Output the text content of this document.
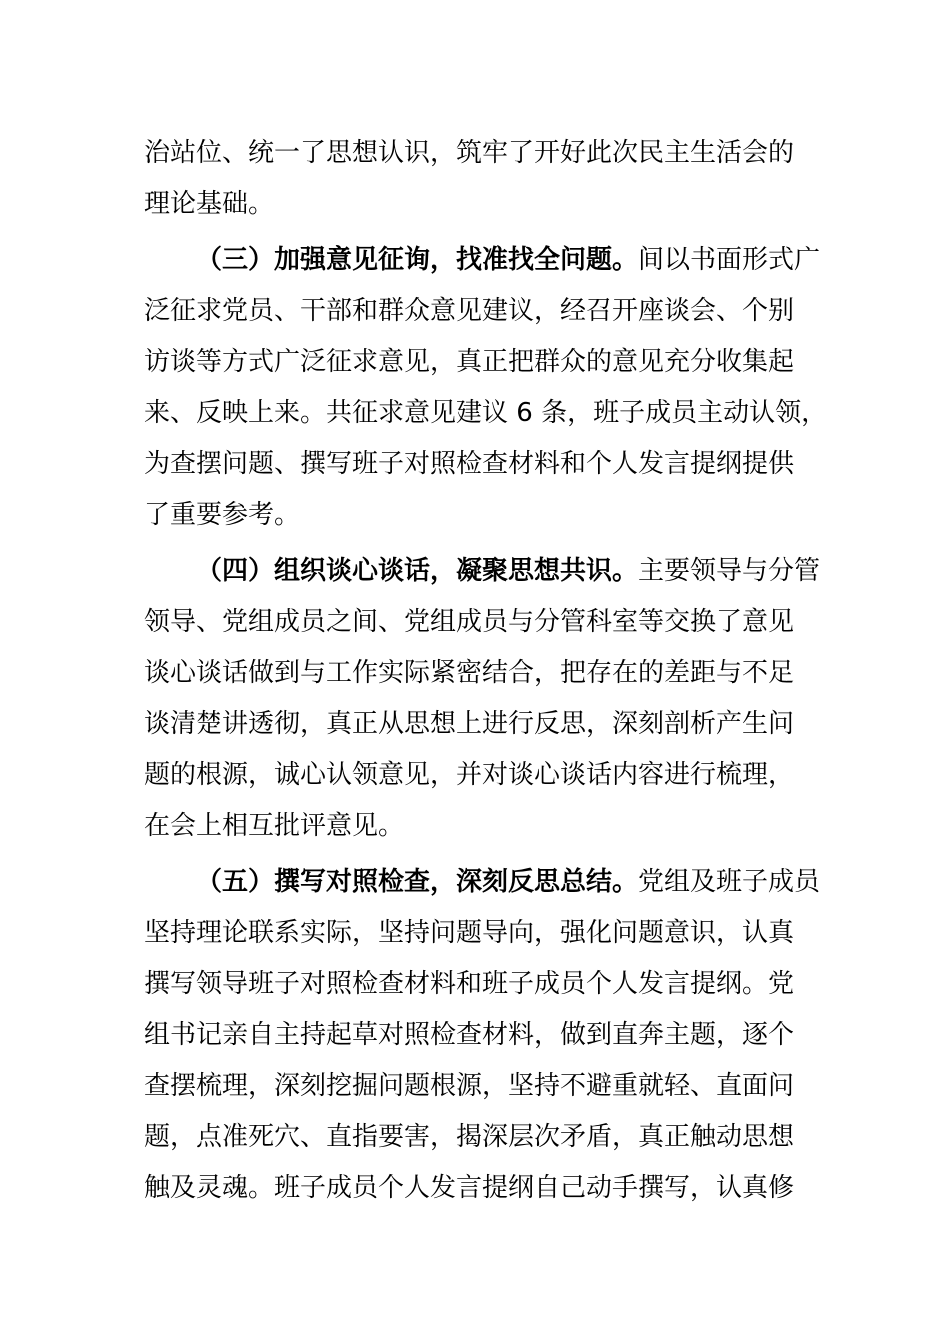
治站位、统一了思想认识，筑牢了开好此次民主生活会的
理论基础。
（三）加强意见征询，找准找全问题。间以书面形式广
泛征求党员、干部和群众意见建议，经召开座谈会、个别
访谈等方式广泛征求意见，真正把群众的意见充分收集起
来、反映上来。共征求意见建议 6 条，班子成员主动认领，
为查摆问题、撰写班子对照检查材料和个人发言提纲提供
了重要参考。
（四）组织谈心谈话，凝聚思想共识。主要领导与分管
领导、党组成员之间、党组成员与分管科室等交换了意见
谈心谈话做到与工作实际紧密结合，把存在的差距与不足
谈清楚讲透彻，真正从思想上进行反思，深刻剖析产生问
题的根源，诚心认领意见，并对谈心谈话内容进行梳理，
在会上相互批评意见。
（五）撰写对照检查，深刻反思总结。党组及班子成员
坚持理论联系实际，坚持问题导向，强化问题意识，认真
撰写领导班子对照检查材料和班子成员个人发言提纲。党
组书记亲自主持起草对照检查材料，做到直奔主题，逐个
查摆梳理，深刻挖掘问题根源，坚持不避重就轻、直面问
题，点准死穴、直指要害，揭深层次矛盾，真正触动思想
触及灵魂。班子成员个人发言提纲自己动手撰写，认真修
